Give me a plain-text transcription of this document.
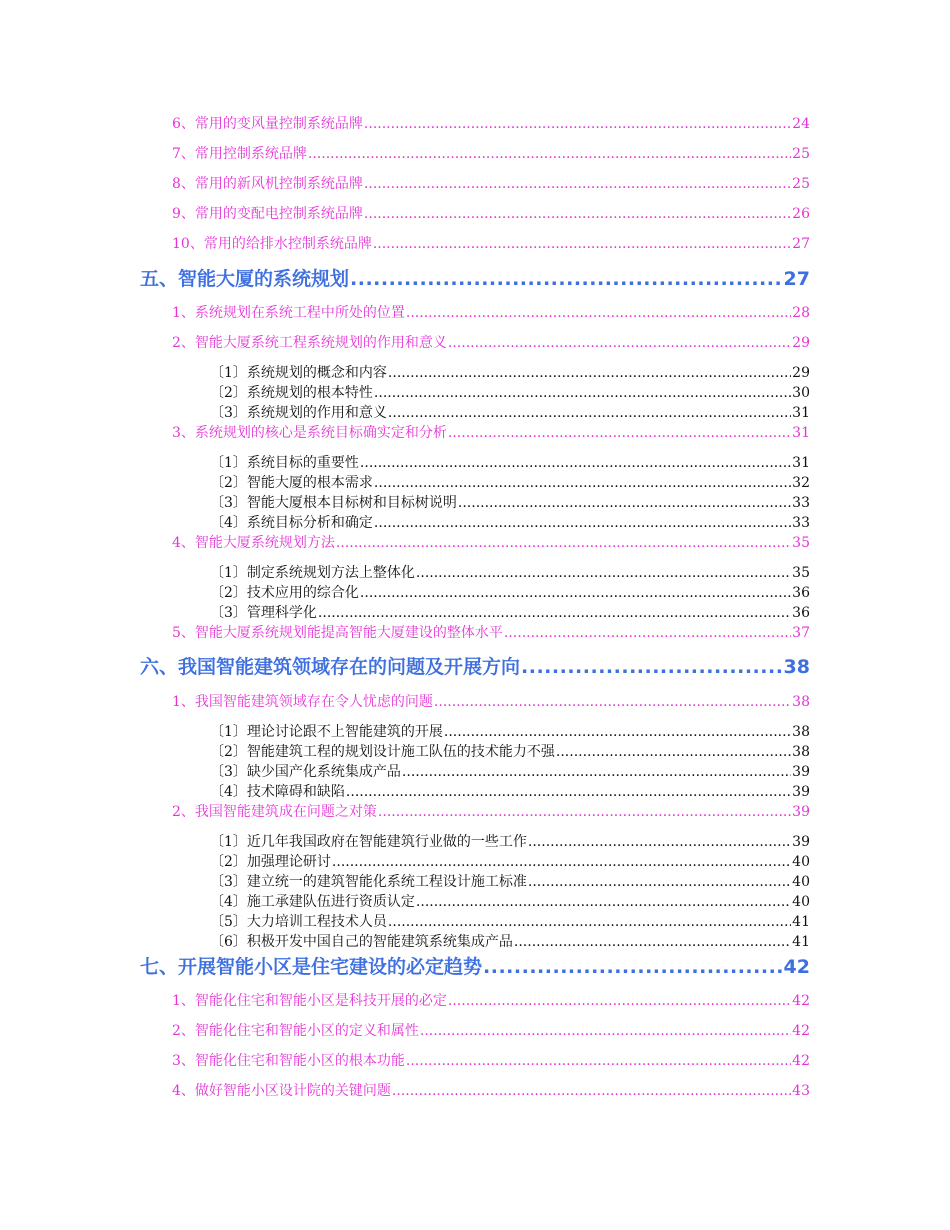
6、常用的变风量控制系统品牌 .....	24
7、常用控制系统品牌 .....	25
8、常用的新风机控制系统品牌 .....	25
9、常用的变配电控制系统品牌 .....	26
10、常用的给排水控制系统品牌 .....	27
五、智能大厦的系统规划 .....	27
1、系统规划在系统工程中所处的位置 .....	28
2、智能大厦系统工程系统规划的作用和意义 .....	29
〔1〕系统规划的概念和内容 .....	29
〔2〕系统规划的根本特性 .....	30
〔3〕系统规划的作用和意义 .....	31
3、系统规划的核心是系统目标确实定和分析 .....	31
〔1〕系统目标的重要性 .....	31
〔2〕智能大厦的根本需求 .....	32
〔3〕智能大厦根本目标树和目标树说明 .....	33
〔4〕系统目标分析和确定 .....	33
4、智能大厦系统规划方法 .....	35
〔1〕制定系统规划方法上整体化 .....	35
〔2〕技术应用的综合化 .....	36
〔3〕管理科学化 .....	36
5、智能大厦系统规划能提高智能大厦建设的整体水平 .....	37
六、我国智能建筑领域存在的问题及开展方向 .....	38
1、我国智能建筑领域存在令人忧虑的问题 .....	38
〔1〕理论讨论跟不上智能建筑的开展 .....	38
〔2〕智能建筑工程的规划设计施工队伍的技术能力不强 .....	38
〔3〕缺少国产化系统集成产品 .....	39
〔4〕技术障碍和缺陷 .....	39
2、我国智能建筑成在问题之对策 .....	39
〔1〕近几年我国政府在智能建筑行业做的一些工作 .....	39
〔2〕加强理论研讨 .....	40
〔3〕建立统一的建筑智能化系统工程设计施工标准 .....	40
〔4〕施工承建队伍进行资质认定 .....	40
〔5〕大力培训工程技术人员 .....	41
〔6〕积极开发中国自己的智能建筑系统集成产品 .....	41
七、开展智能小区是住宅建设的必定趋势 .....	42
1、智能化住宅和智能小区是科技开展的必定 .....	42
2、智能化住宅和智能小区的定义和属性 .....	42
3、智能化住宅和智能小区的根本功能 .....	42
4、做好智能小区设计院的关键问题 .....	43
